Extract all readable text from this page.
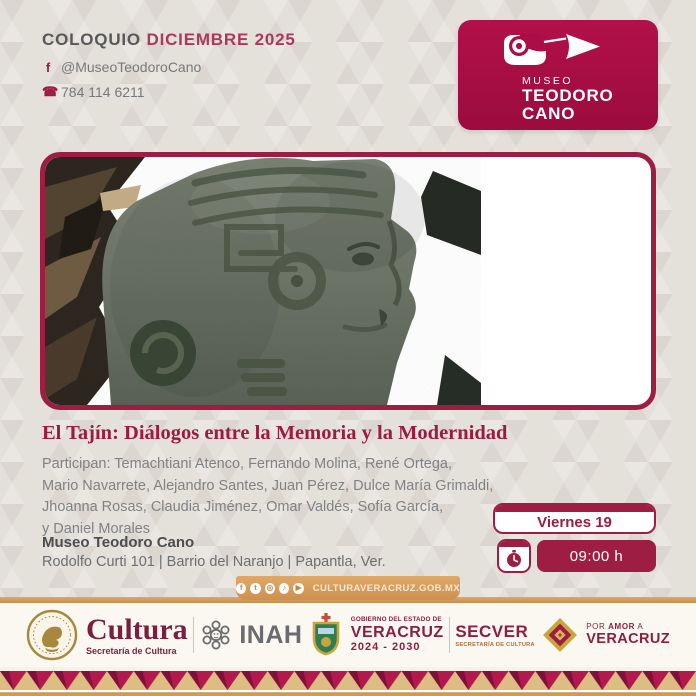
COLOQUIO DICIEMBRE 2025
f @MuseoTeodoroCano
☎ 784 114 6211
MUSEO
TEODORO
CANO
El Tajín: Diálogos entre la Memoria y la Modernidad
Participan: Temachtiani Atenco, Fernando Molina, René Ortega,
Mario Navarrete, Alejandro Santes, Juan Pérez, Dulce María Grimaldi,
Jhoanna Rosas, Claudia Jiménez, Omar Valdés, Sofía García,
y Daniel Morales
Museo Teodoro Cano
Rodolfo Curti 101 | Barrio del Naranjo | Papantla, Ver.
Viernes 19
09:00 h
f	t	◎	♪	▶ CULTURAVERACRUZ.GOB.MX
Cultura
Secretaría de Cultura
INAH
GOBIERNO DEL ESTADO DE
VERACRUZ
2024 - 2030
SECVER
SECRETARÍA DE CULTURA
POR AMOR A
VERACRUZ
